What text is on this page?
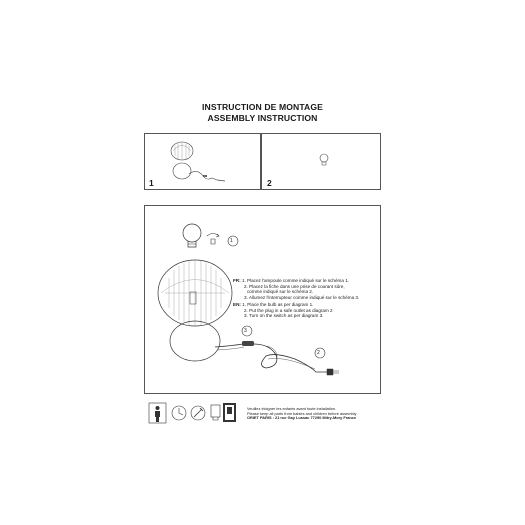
INSTRUCTION DE MONTAGE
ASSEMBLY INSTRUCTION
1	2
1
3
2
FR: 1. Placez l'ampoule comme indiqué sur le schéma 1.
2. Placez la fiche dans une prise de courant sûre,
comme indiqué sur le schéma 2.
3. Allumez l'interrupteur comme indiqué sur le schéma 3.
EN: 1. Place the bulb as per diagram 1.
2. Put the plug in a safe outlet as diagram 2
3. Turn on the switch as per diagram 3.
Veuillez éloigner les enfants avant toute installation.
Please keep all parts from babies and children before assembly
ORIET PARIS : 21 rue Gay Lussac 77290 Mitry-Mory France
